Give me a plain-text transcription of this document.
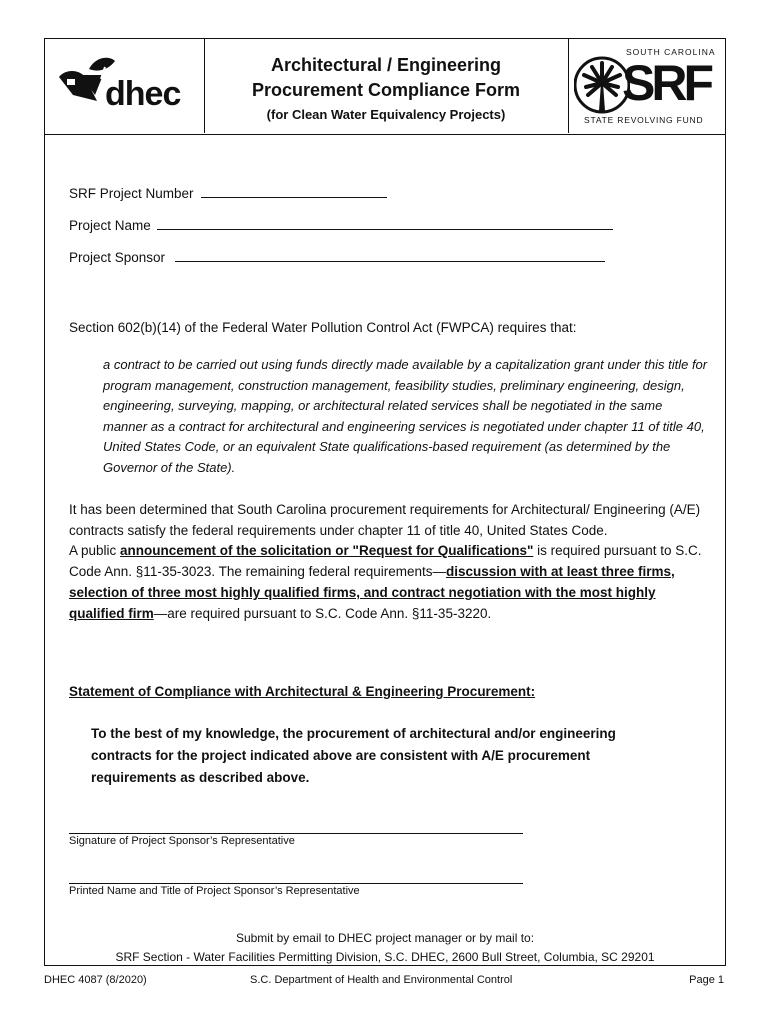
dhec
Architectural / Engineering
Procurement Compliance Form
(for Clean Water Equivalency Projects)
SOUTH CAROLINA
SRF
STATE REVOLVING FUND
SRF Project Number
Project Name
Project Sponsor
Section 602(b)(14) of the Federal Water Pollution Control Act (FWPCA) requires that:
a contract to be carried out using funds directly made available by a capitalization grant under this title for program management, construction management, feasibility studies, preliminary engineering, design, engineering, surveying, mapping, or architectural related services shall be negotiated in the same manner as a contract for architectural and engineering services is negotiated under chapter 11 of title 40, United States Code, or an equivalent State qualifications-based requirement (as determined by the Governor of the State).
It has been determined that South Carolina procurement requirements for Architectural/ Engineering (A/E) contracts satisfy the federal requirements under chapter 11 of title 40, United States Code.
A public announcement of the solicitation or "Request for Qualifications" is required pursuant to S.C. Code Ann. §11-35-3023. The remaining federal requirements—discussion with at least three firms, selection of three most highly qualified firms, and contract negotiation with the most highly qualified firm—are required pursuant to S.C. Code Ann. §11-35-3220.
Statement of Compliance with Architectural & Engineering Procurement:
To the best of my knowledge, the procurement of architectural and/or engineering contracts for the project indicated above are consistent with A/E procurement requirements as described above.
Signature of Project Sponsor’s Representative
Printed Name and Title of Project Sponsor’s Representative
Submit by email to DHEC project manager or by mail to:
SRF Section - Water Facilities Permitting Division, S.C. DHEC, 2600 Bull Street, Columbia, SC 29201
DHEC 4087 (8/2020)	S.C. Department of Health and Environmental Control	Page 1
